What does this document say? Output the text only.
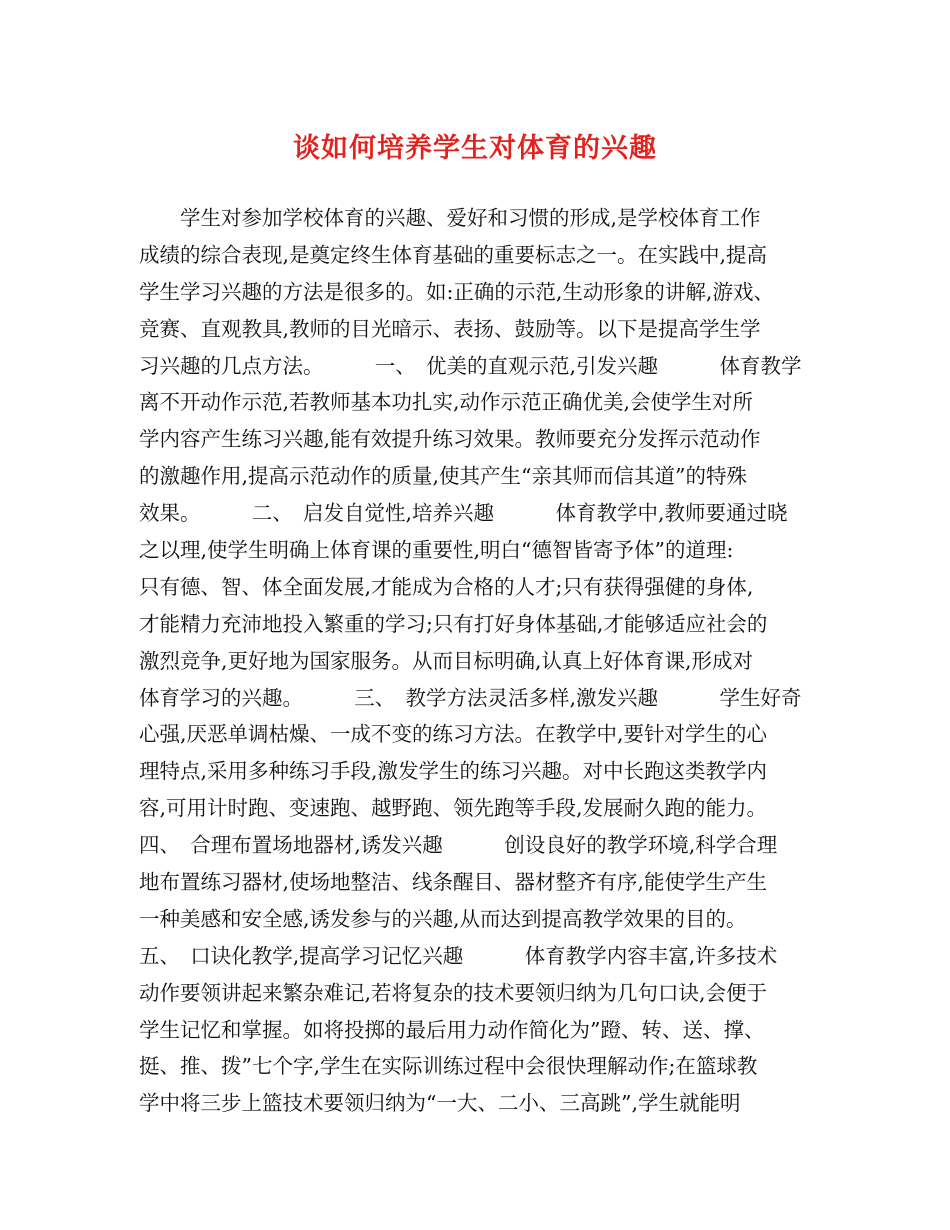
谈如何培养学生对体育的兴趣
　　学生对参加学校体育的兴趣、爱好和习惯的形成,是学校体育工作
成绩的综合表现,是奠定终生体育基础的重要标志之一。在实践中,提高
学生学习兴趣的方法是很多的。如:正确的示范,生动形象的讲解,游戏、
竞赛、直观教具,教师的目光暗示、表扬、鼓励等。以下是提高学生学
习兴趣的几点方法。　　　一、　优美的直观示范,引发兴趣　　　体育教学
离不开动作示范,若教师基本功扎实,动作示范正确优美,会使学生对所
学内容产生练习兴趣,能有效提升练习效果。教师要充分发挥示范动作
的激趣作用,提高示范动作的质量,使其产生“亲其师而信其道”的特殊
效果。　　　二、　启发自觉性,培养兴趣　　　体育教学中,教师要通过晓
之以理,使学生明确上体育课的重要性,明白“德智皆寄予体”的道理:
只有德、智、体全面发展,才能成为合格的人才;只有获得强健的身体,
才能精力充沛地投入繁重的学习;只有打好身体基础,才能够适应社会的
激烈竞争,更好地为国家服务。从而目标明确,认真上好体育课,形成对
体育学习的兴趣。　　　三、　教学方法灵活多样,激发兴趣　　　学生好奇
心强,厌恶单调枯燥、一成不变的练习方法。在教学中,要针对学生的心
理特点,采用多种练习手段,激发学生的练习兴趣。对中长跑这类教学内
容,可用计时跑、变速跑、越野跑、领先跑等手段,发展耐久跑的能力。
四、　合理布置场地器材,诱发兴趣　　　创设良好的教学环境,科学合理
地布置练习器材,使场地整洁、线条醒目、器材整齐有序,能使学生产生
一种美感和安全感,诱发参与的兴趣,从而达到提高教学效果的目的。
五、　口诀化教学,提高学习记忆兴趣　　　体育教学内容丰富,许多技术
动作要领讲起来繁杂难记,若将复杂的技术要领归纳为几句口诀,会便于
学生记忆和掌握。如将投掷的最后用力动作简化为”蹬、转、送、撑、
挺、推、拨”七个字,学生在实际训练过程中会很快理解动作;在篮球教
学中将三步上篮技术要领归纳为“一大、二小、三高跳”,学生就能明
